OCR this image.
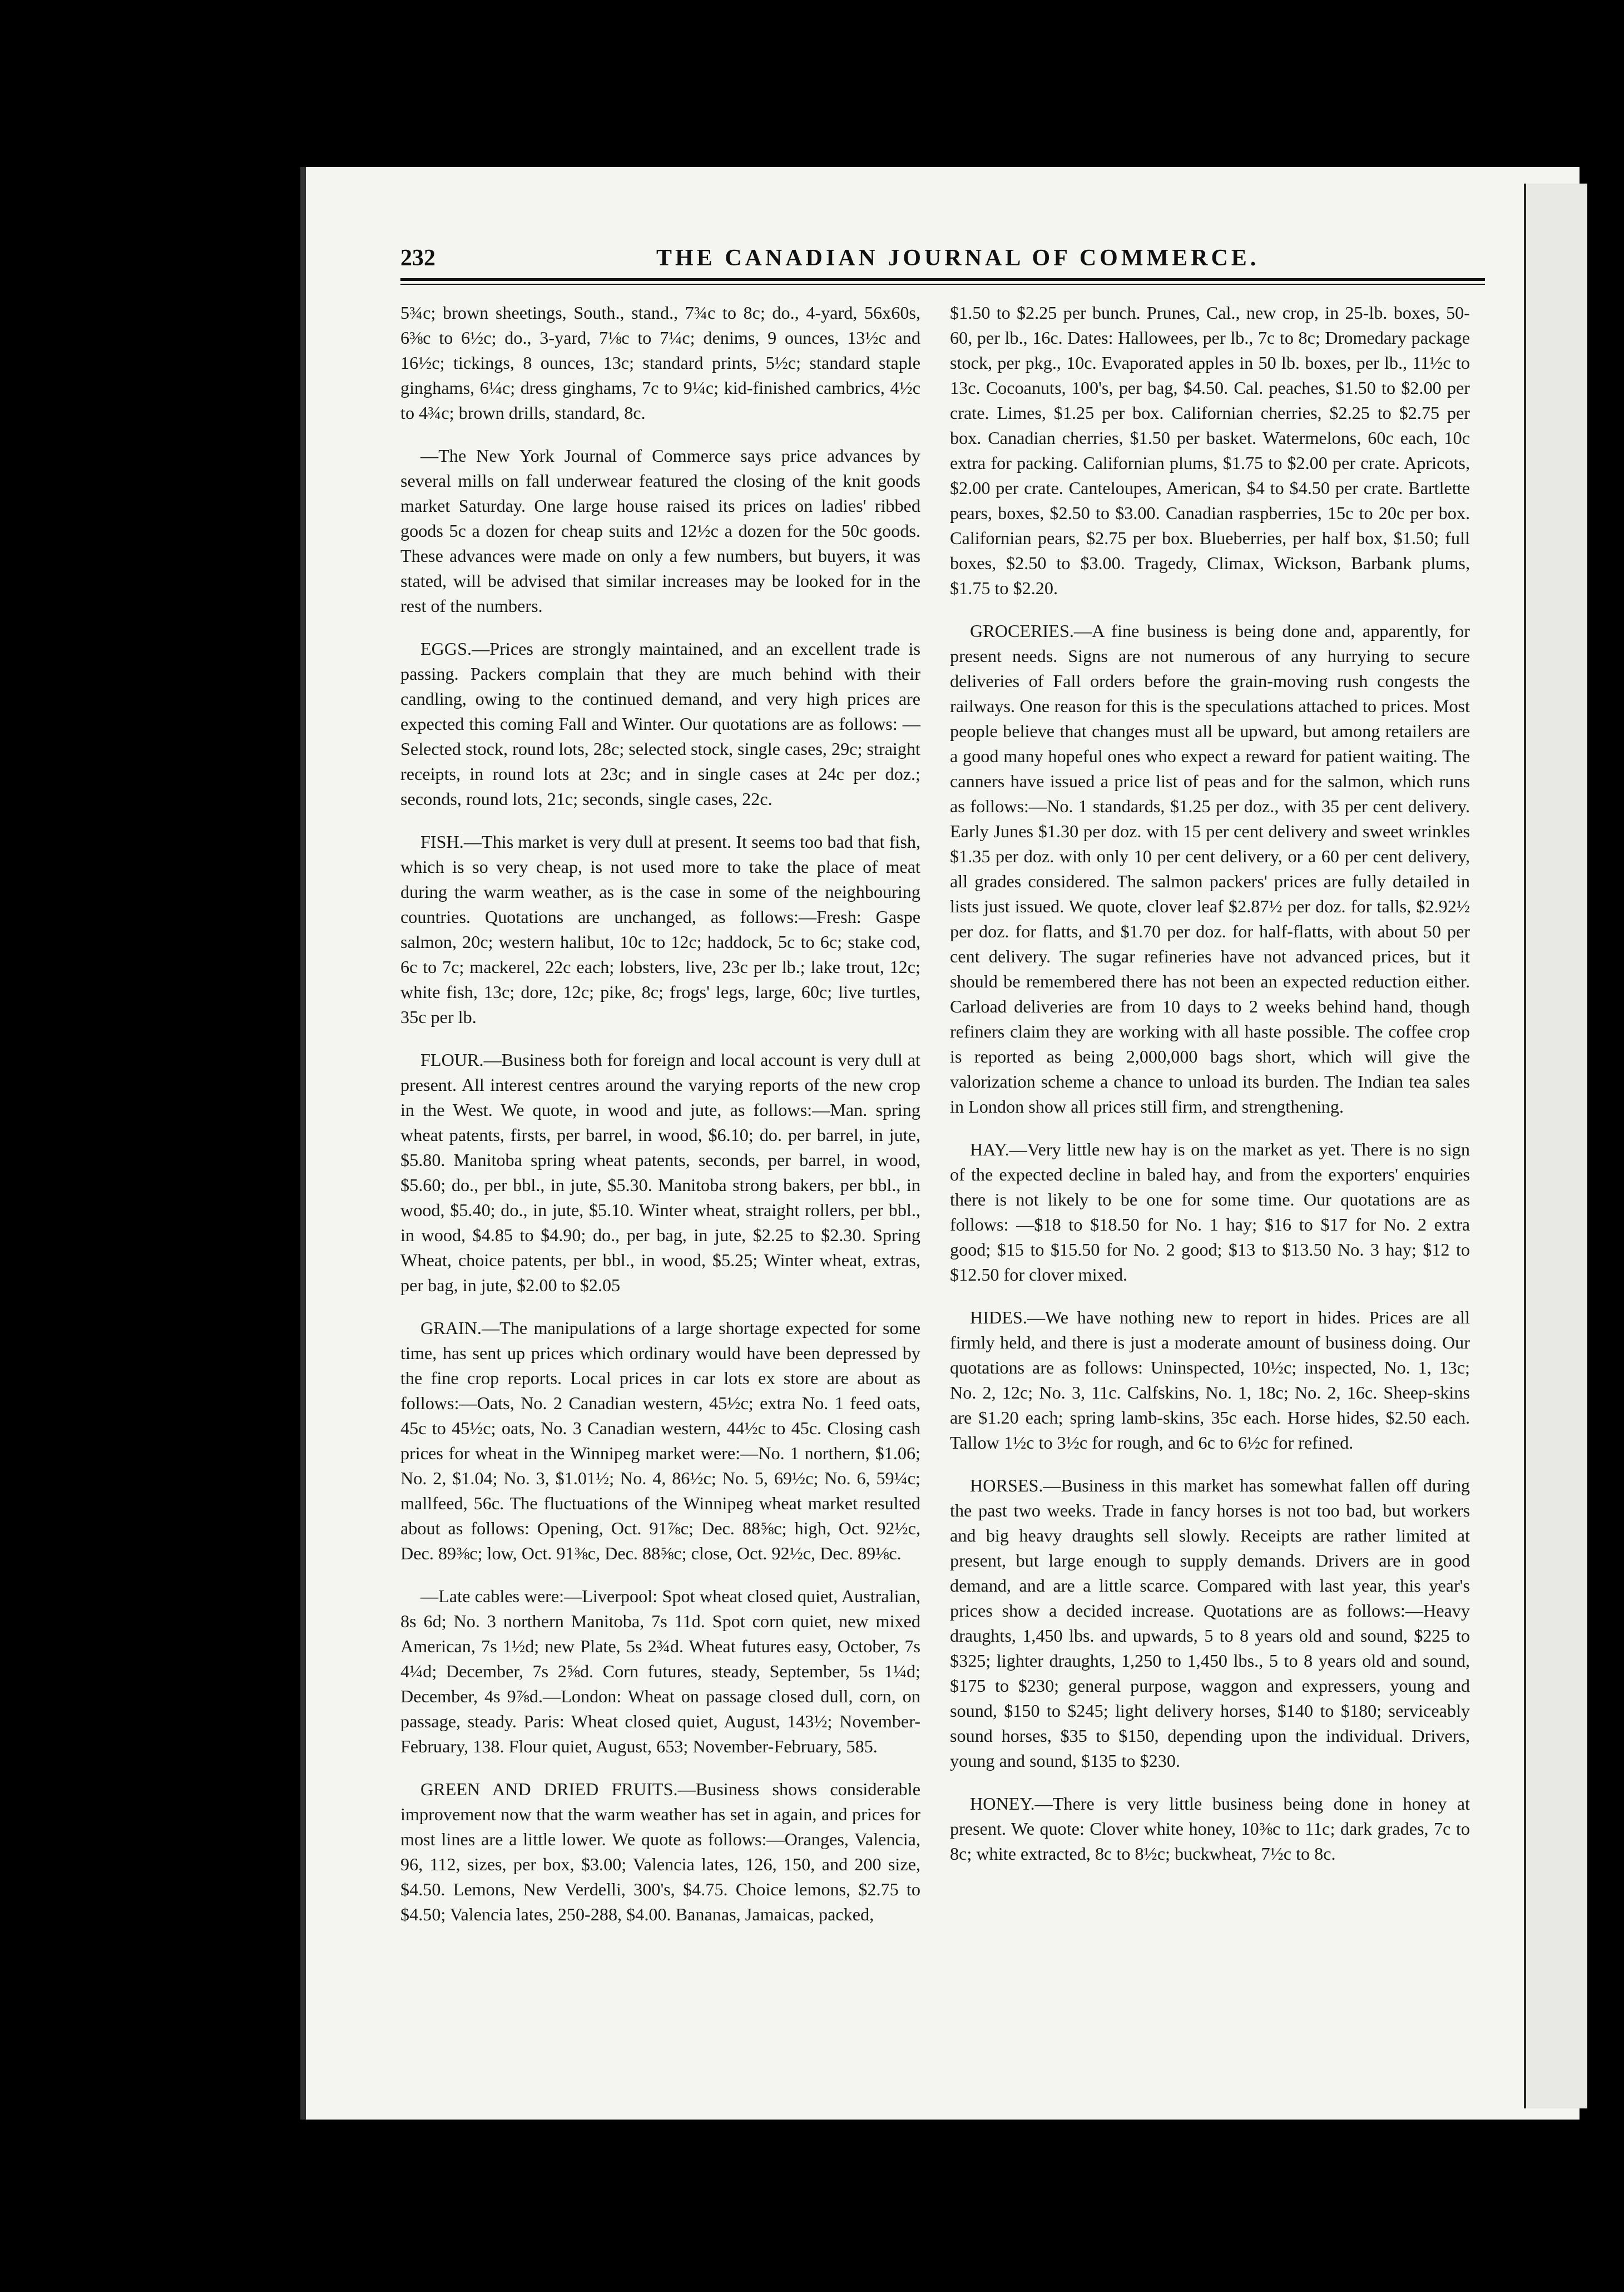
232	THE CANADIAN JOURNAL OF COMMERCE.

5¾c; brown sheetings, South., stand., 7¾c to 8c; do., 4-yard, 56x60s, 6⅜c to 6½c; do., 3-yard, 7⅛c to 7¼c; denims, 9 ounces, 13½c and 16½c; tickings, 8 ounces, 13c; standard prints, 5½c; standard staple ginghams, 6¼c; dress ginghams, 7c to 9¼c; kid-finished cambrics, 4½c to 4¾c; brown drills, standard, 8c.

—The New York Journal of Commerce says price advances by several mills on fall underwear featured the closing of the knit goods market Saturday. One large house raised its prices on ladies' ribbed goods 5c a dozen for cheap suits and 12½c a dozen for the 50c goods. These advances were made on only a few numbers, but buyers, it was stated, will be advised that similar increases may be looked for in the rest of the numbers.

EGGS.—Prices are strongly maintained, and an excellent trade is passing. Packers complain that they are much behind with their candling, owing to the continued demand, and very high prices are expected this coming Fall and Winter. Our quotations are as follows: — Selected stock, round lots, 28c; selected stock, single cases, 29c; straight receipts, in round lots at 23c; and in single cases at 24c per doz.; seconds, round lots, 21c; seconds, single cases, 22c.

FISH.—This market is very dull at present. It seems too bad that fish, which is so very cheap, is not used more to take the place of meat during the warm weather, as is the case in some of the neighbouring countries. Quotations are unchanged, as follows:—Fresh: Gaspe salmon, 20c; western halibut, 10c to 12c; haddock, 5c to 6c; stake cod, 6c to 7c; mackerel, 22c each; lobsters, live, 23c per lb.; lake trout, 12c; white fish, 13c; dore, 12c; pike, 8c; frogs' legs, large, 60c; live turtles, 35c per lb.

FLOUR.—Business both for foreign and local account is very dull at present. All interest centres around the varying reports of the new crop in the West. We quote, in wood and jute, as follows:—Man. spring wheat patents, firsts, per barrel, in wood, $6.10; do. per barrel, in jute, $5.80. Manitoba spring wheat patents, seconds, per barrel, in wood, $5.60; do., per bbl., in jute, $5.30. Manitoba strong bakers, per bbl., in wood, $5.40; do., in jute, $5.10. Winter wheat, straight rollers, per bbl., in wood, $4.85 to $4.90; do., per bag, in jute, $2.25 to $2.30. Spring Wheat, choice patents, per bbl., in wood, $5.25; Winter wheat, extras, per bag, in jute, $2.00 to $2.05

GRAIN.—The manipulations of a large shortage expected for some time, has sent up prices which ordinary would have been depressed by the fine crop reports. Local prices in car lots ex store are about as follows:—Oats, No. 2 Canadian western, 45½c; extra No. 1 feed oats, 45c to 45½c; oats, No. 3 Canadian western, 44½c to 45c. Closing cash prices for wheat in the Winnipeg market were:—No. 1 northern, $1.06; No. 2, $1.04; No. 3, $1.01½; No. 4, 86½c; No. 5, 69½c; No. 6, 59¼c; mallfeed, 56c. The fluctuations of the Winnipeg wheat market resulted about as follows: Opening, Oct. 91⅞c; Dec. 88⅝c; high, Oct. 92½c, Dec. 89⅜c; low, Oct. 91⅜c, Dec. 88⅝c; close, Oct. 92½c, Dec. 89⅛c.

—Late cables were:—Liverpool: Spot wheat closed quiet, Australian, 8s 6d; No. 3 northern Manitoba, 7s 11d. Spot corn quiet, new mixed American, 7s 1½d; new Plate, 5s 2¾d. Wheat futures easy, October, 7s 4¼d; December, 7s 2⅝d. Corn futures, steady, September, 5s 1¼d; December, 4s 9⅞d.—London: Wheat on passage closed dull, corn, on passage, steady. Paris: Wheat closed quiet, August, 143½; November-February, 138. Flour quiet, August, 653; November-February, 585.

GREEN AND DRIED FRUITS.—Business shows considerable improvement now that the warm weather has set in again, and prices for most lines are a little lower. We quote as follows:—Oranges, Valencia, 96, 112, sizes, per box, $3.00; Valencia lates, 126, 150, and 200 size, $4.50. Lemons, New Verdelli, 300's, $4.75. Choice lemons, $2.75 to $4.50; Valencia lates, 250-288, $4.00. Bananas, Jamaicas, packed,

$1.50 to $2.25 per bunch. Prunes, Cal., new crop, in 25-lb. boxes, 50-60, per lb., 16c. Dates: Hallowees, per lb., 7c to 8c; Dromedary package stock, per pkg., 10c. Evaporated apples in 50 lb. boxes, per lb., 11½c to 13c. Cocoanuts, 100's, per bag, $4.50. Cal. peaches, $1.50 to $2.00 per crate. Limes, $1.25 per box. Californian cherries, $2.25 to $2.75 per box. Canadian cherries, $1.50 per basket. Watermelons, 60c each, 10c extra for packing. Californian plums, $1.75 to $2.00 per crate. Apricots, $2.00 per crate. Canteloupes, American, $4 to $4.50 per crate. Bartlette pears, boxes, $2.50 to $3.00. Canadian raspberries, 15c to 20c per box. Californian pears, $2.75 per box. Blueberries, per half box, $1.50; full boxes, $2.50 to $3.00. Tragedy, Climax, Wickson, Barbank plums, $1.75 to $2.20.

GROCERIES.—A fine business is being done and, apparently, for present needs. Signs are not numerous of any hurrying to secure deliveries of Fall orders before the grain-moving rush congests the railways. One reason for this is the speculations attached to prices. Most people believe that changes must all be upward, but among retailers are a good many hopeful ones who expect a reward for patient waiting. The canners have issued a price list of peas and for the salmon, which runs as follows:—No. 1 standards, $1.25 per doz., with 35 per cent delivery. Early Junes $1.30 per doz. with 15 per cent delivery and sweet wrinkles $1.35 per doz. with only 10 per cent delivery, or a 60 per cent delivery, all grades considered. The salmon packers' prices are fully detailed in lists just issued. We quote, clover leaf $2.87½ per doz. for talls, $2.92½ per doz. for flatts, and $1.70 per doz. for half-flatts, with about 50 per cent delivery. The sugar refineries have not advanced prices, but it should be remembered there has not been an expected reduction either. Carload deliveries are from 10 days to 2 weeks behind hand, though refiners claim they are working with all haste possible. The coffee crop is reported as being 2,000,000 bags short, which will give the valorization scheme a chance to unload its burden. The Indian tea sales in London show all prices still firm, and strengthening.

HAY.—Very little new hay is on the market as yet. There is no sign of the expected decline in baled hay, and from the exporters' enquiries there is not likely to be one for some time. Our quotations are as follows: —$18 to $18.50 for No. 1 hay; $16 to $17 for No. 2 extra good; $15 to $15.50 for No. 2 good; $13 to $13.50 No. 3 hay; $12 to $12.50 for clover mixed.

HIDES.—We have nothing new to report in hides. Prices are all firmly held, and there is just a moderate amount of business doing. Our quotations are as follows: Uninspected, 10½c; inspected, No. 1, 13c; No. 2, 12c; No. 3, 11c. Calfskins, No. 1, 18c; No. 2, 16c. Sheep-skins are $1.20 each; spring lamb-skins, 35c each. Horse hides, $2.50 each. Tallow 1½c to 3½c for rough, and 6c to 6½c for refined.

HORSES.—Business in this market has somewhat fallen off during the past two weeks. Trade in fancy horses is not too bad, but workers and big heavy draughts sell slowly. Receipts are rather limited at present, but large enough to supply demands. Drivers are in good demand, and are a little scarce. Compared with last year, this year's prices show a decided increase. Quotations are as follows:—Heavy draughts, 1,450 lbs. and upwards, 5 to 8 years old and sound, $225 to $325; lighter draughts, 1,250 to 1,450 lbs., 5 to 8 years old and sound, $175 to $230; general purpose, waggon and expressers, young and sound, $150 to $245; light delivery horses, $140 to $180; serviceably sound horses, $35 to $150, depending upon the individual. Drivers, young and sound, $135 to $230.

HONEY.—There is very little business being done in honey at present. We quote: Clover white honey, 10⅜c to 11c; dark grades, 7c to 8c; white extracted, 8c to 8½c; buckwheat, 7½c to 8c.
